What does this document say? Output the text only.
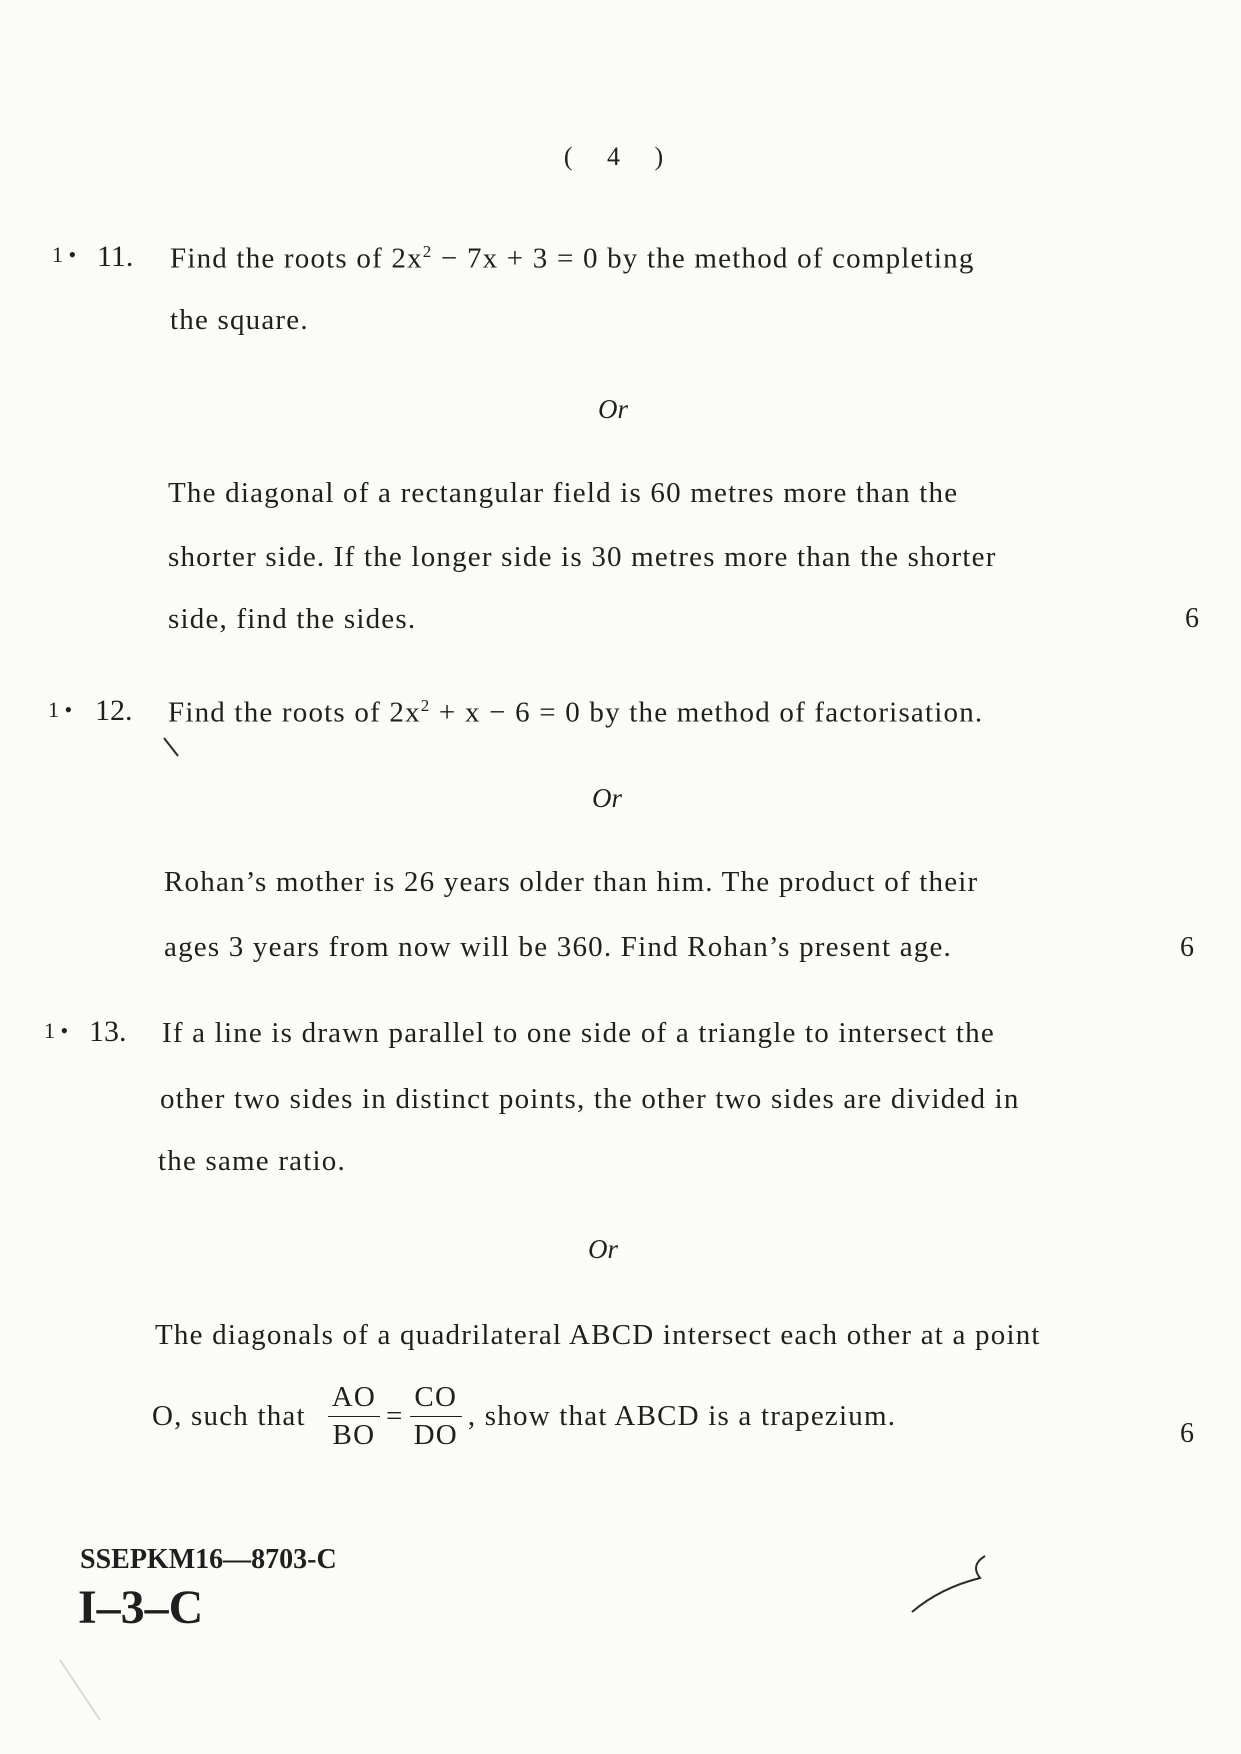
( 4 )
1 • 11. Find the roots of $2x^2 - 7x + 3 = 0$ by the method of completing
the square.
Or
The diagonal of a rectangular field is 60 metres more than the
shorter side. If the longer side is 30 metres more than the shorter
side, find the sides.	6
1 • 12. Find the roots of $2x^2 + x - 6 = 0$ by the method of factorisation.
Or
Rohan’s mother is 26 years older than him. The product of their
ages 3 years from now will be 360. Find Rohan’s present age.	6
1 • 13. If a line is drawn parallel to one side of a triangle to intersect the
other two sides in distinct points, the other two sides are divided in
the same ratio.
Or
The diagonals of a quadrilateral ABCD intersect each other at a point
O, such that $\frac{AO}{BO} = \frac{CO}{DO}$ , show that ABCD is a trapezium.
6
SSEPKM16—8703-C
I–3–C
